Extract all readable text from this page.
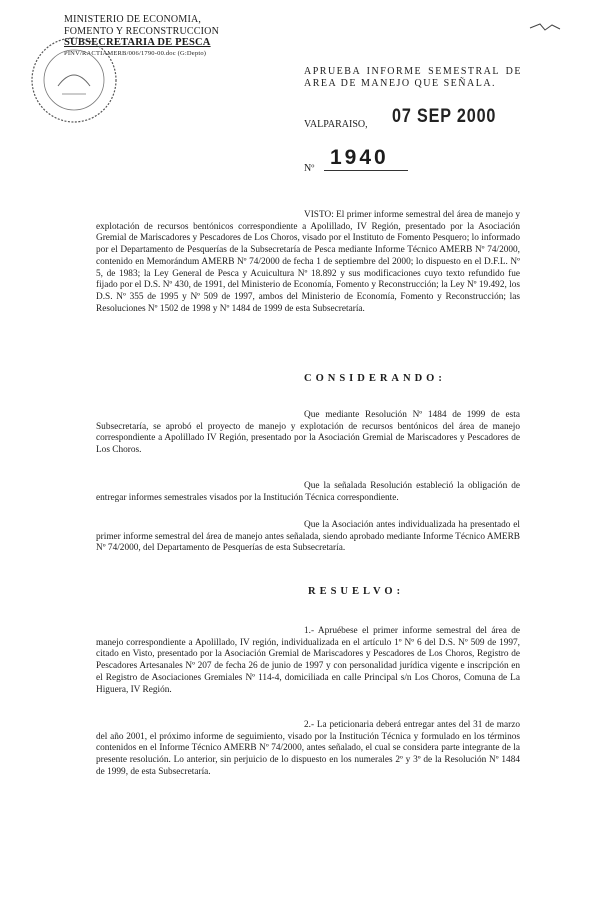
MINISTERIO DE ECONOMIA,
FOMENTO Y RECONSTRUCCION
SUBSECRETARIA DE PESCA
PINV/RACTIAMERB/006/1790-00.doc (G:Depto)
APRUEBA INFORME SEMESTRAL DE AREA DE MANEJO QUE SEÑALA.
VALPARAISO, 07 SEP 2000
Nº 1940
VISTO: El primer informe semestral del área de manejo y explotación de recursos bentónicos correspondiente a Apolillado, IV Región, presentado por la Asociación Gremial de Mariscadores y Pescadores de Los Choros, visado por el Instituto de Fomento Pesquero; lo informado por el Departamento de Pesquerías de la Subsecretaría de Pesca mediante Informe Técnico AMERB Nº 74/2000, contenido en Memorándum AMERB Nº 74/2000 de fecha 1 de septiembre del 2000; lo dispuesto en el D.F.L. Nº 5, de 1983; la Ley General de Pesca y Acuicultura Nº 18.892 y sus modificaciones cuyo texto refundido fue fijado por el D.S. Nº 430, de 1991, del Ministerio de Economía, Fomento y Reconstrucción; la Ley Nº 19.492, los D.S. Nº 355 de 1995 y Nº 509 de 1997, ambos del Ministerio de Economía, Fomento y Reconstrucción; las Resoluciones Nº 1502 de 1998 y Nº 1484 de 1999 de esta Subsecretaría.
CONSIDERANDO:
Que mediante Resolución Nº 1484 de 1999 de esta Subsecretaría, se aprobó el proyecto de manejo y explotación de recursos bentónicos del área de manejo correspondiente a Apolillado IV Región, presentado por la Asociación Gremial de Mariscadores y Pescadores de Los Choros.
Que la señalada Resolución estableció la obligación de entregar informes semestrales visados por la Institución Técnica correspondiente.
Que la Asociación antes individualizada ha presentado el primer informe semestral del área de manejo antes señalada, siendo aprobado mediante Informe Técnico AMERB Nº 74/2000, del Departamento de Pesquerías de esta Subsecretaría.
RESUELVO:
1.- Apruébese el primer informe semestral del área de manejo correspondiente a Apolillado, IV región, individualizada en el artículo 1º Nº 6 del D.S. Nº 509 de 1997, citado en Visto, presentado por la Asociación Gremial de Mariscadores y Pescadores de Los Choros, Registro de Pescadores Artesanales Nº 207 de fecha 26 de junio de 1997 y con personalidad jurídica vigente e inscripción en el Registro de Asociaciones Gremiales Nº 114-4, domiciliada en calle Principal s/n Los Choros, Comuna de La Higuera, IV Región.
2.- La peticionaria deberá entregar antes del 31 de marzo del año 2001, el próximo informe de seguimiento, visado por la Institución Técnica y formulado en los términos contenidos en el Informe Técnico AMERB Nº 74/2000, antes señalado, el cual se considera parte integrante de la presente resolución. Lo anterior, sin perjuicio de lo dispuesto en los numerales 2º y 3º de la Resolución Nº 1484 de 1999, de esta Subsecretaría.
